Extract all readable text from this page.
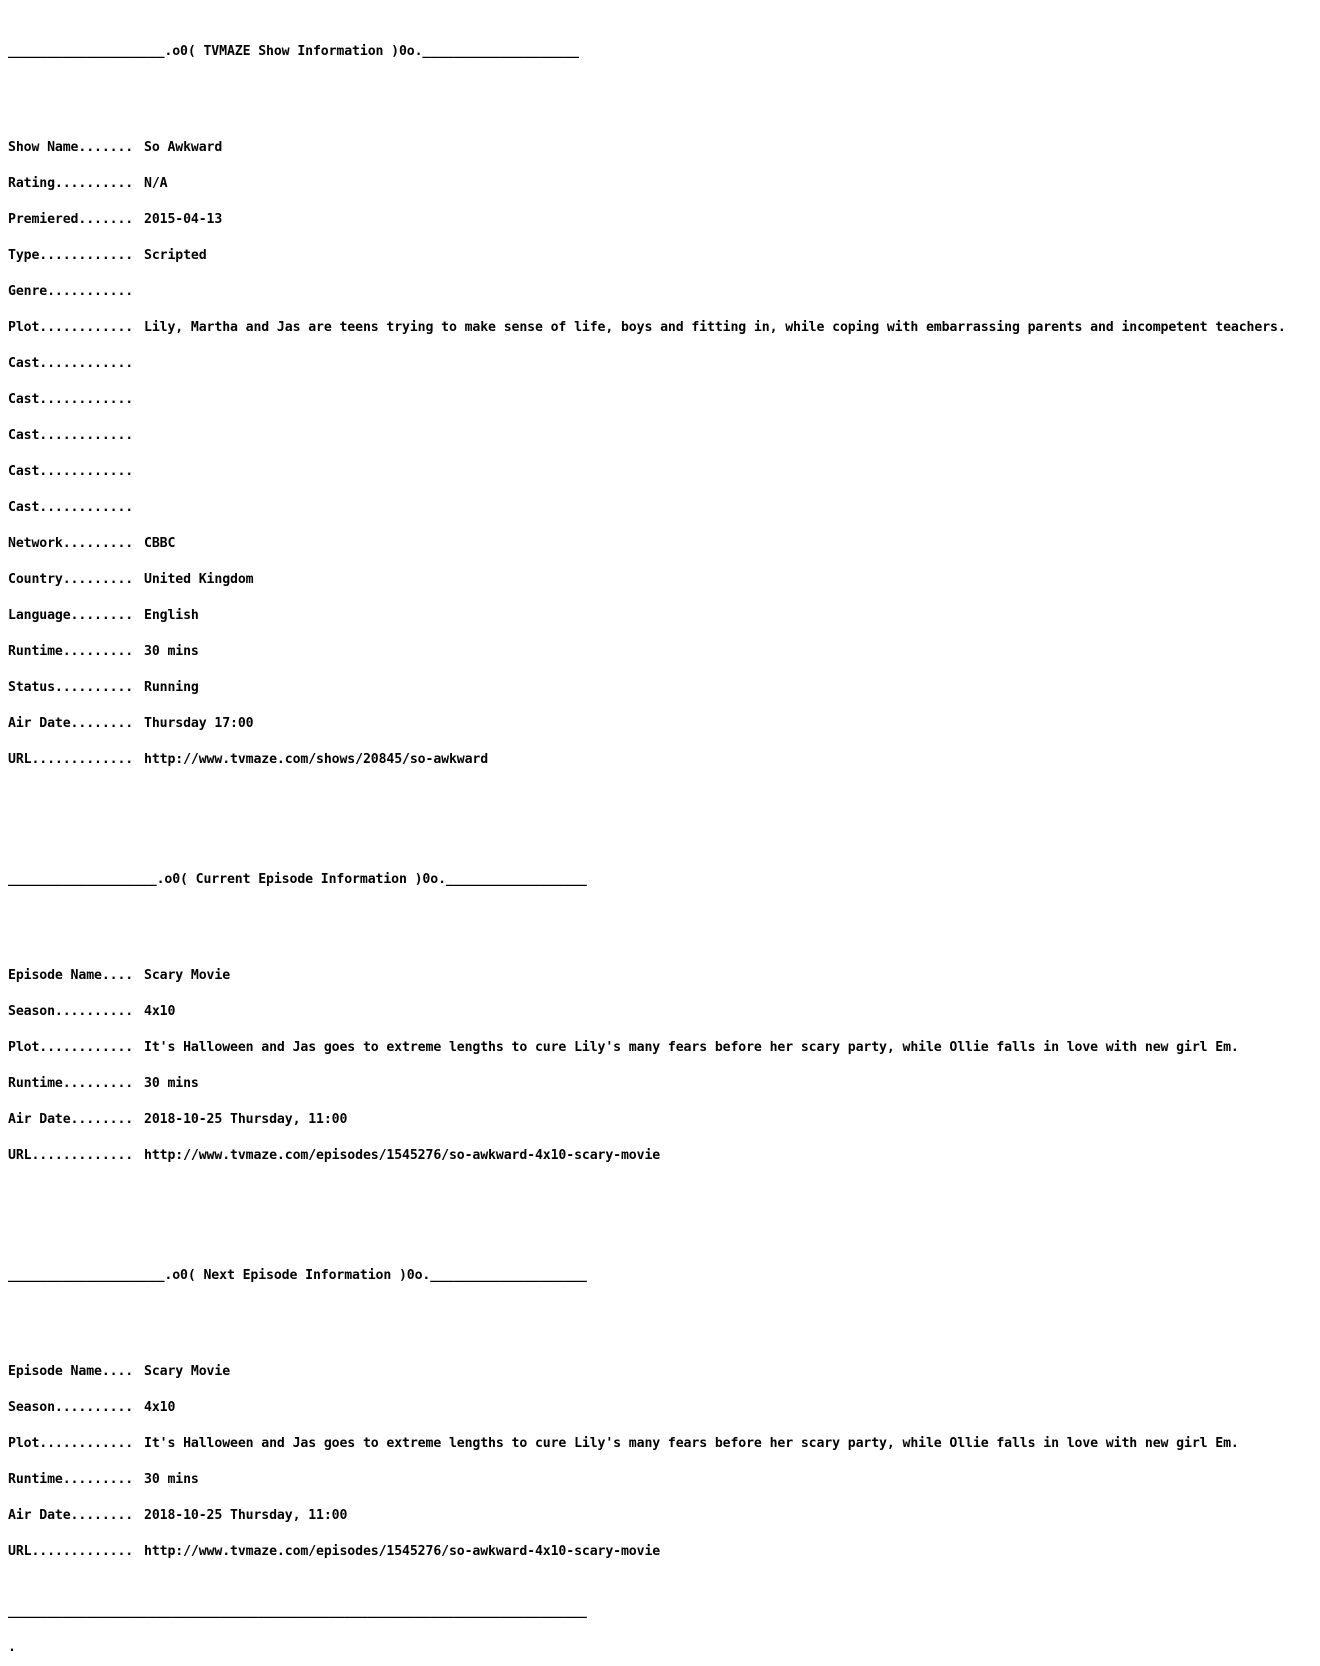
____________________.o0( TVMAZE Show Information )0o.____________________

Show Name....... So Awkward

Rating.......... N/A

Premiered....... 2015-04-13

Type............ Scripted

Genre...........

Plot............ Lily, Martha and Jas are teens trying to make sense of life, boys and fitting in, while coping with embarrassing parents and incompetent teachers.

Cast............

Cast............

Cast............

Cast............

Cast............

Network......... CBBC

Country......... United Kingdom

Language........ English

Runtime......... 30 mins

Status.......... Running

Air Date........ Thursday 17:00

URL............. http://www.tvmaze.com/shows/20845/so-awkward

___________________.o0( Current Episode Information )0o.__________________

Episode Name.... Scary Movie

Season.......... 4x10

Plot............ It's Halloween and Jas goes to extreme lengths to cure Lily's many fears before her scary party, while Ollie falls in love with new girl Em.

Runtime......... 30 mins

Air Date........ 2018-10-25 Thursday, 11:00

URL............. http://www.tvmaze.com/episodes/1545276/so-awkward-4x10-scary-movie

____________________.o0( Next Episode Information )0o.____________________

Episode Name.... Scary Movie

Season.......... 4x10

Plot............ It's Halloween and Jas goes to extreme lengths to cure Lily's many fears before her scary party, while Ollie falls in love with new girl Em.

Runtime......... 30 mins

Air Date........ 2018-10-25 Thursday, 11:00

URL............. http://www.tvmaze.com/episodes/1545276/so-awkward-4x10-scary-movie

__________________________________________________________________________

.
